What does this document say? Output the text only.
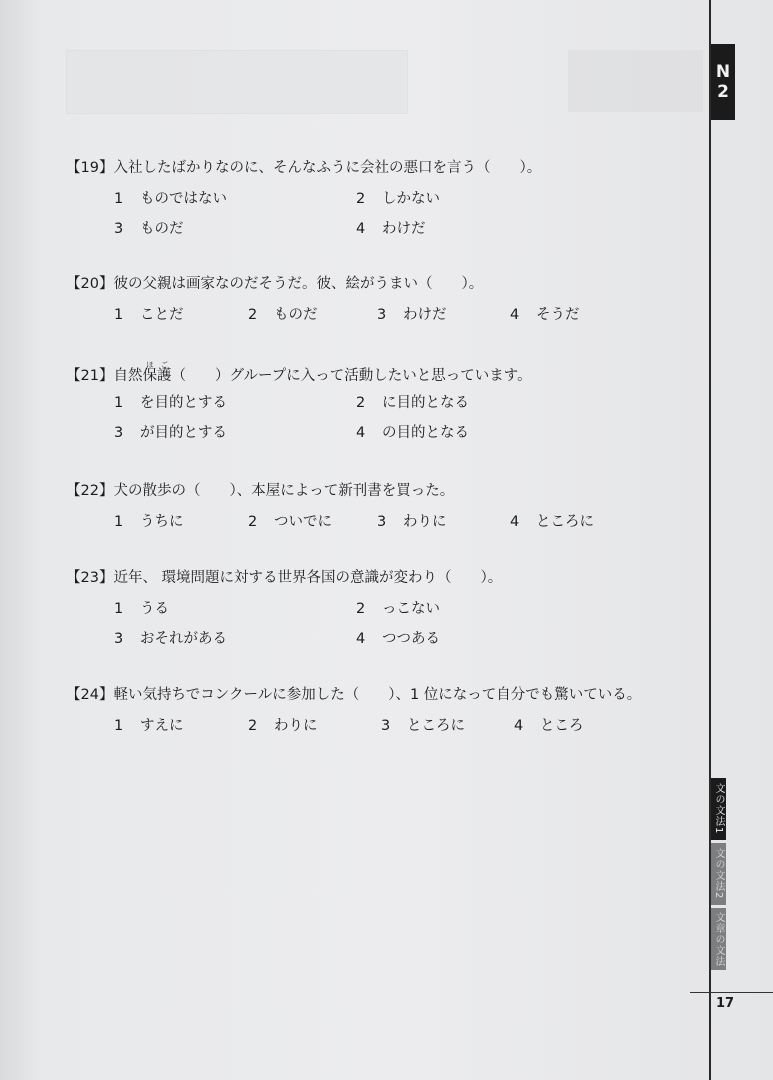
N
2
文の文法1
文の文法2
文章の文法
17
【19】入社したばかりなのに、そんなふうに会社の悪口を言う（　　）。
1 ものではない	2 しかない
3 ものだ	4 わけだ
【20】彼の父親は画家なのだそうだ。彼、絵がうまい（　　）。
1 ことだ	2 ものだ	3 わけだ	4 そうだ
【21】自然保護ほご（　　）グループに入って活動したいと思っています。
1 を目的とする	2 に目的となる
3 が目的とする	4 の目的となる
【22】犬の散歩の（　　）、本屋によって新刊書を買った。
1 うちに	2 ついでに	3 わりに	4 ところに
【23】近年、 環境問題に対する世界各国の意識が変わり（　　）。
1 うる	2 っこない
3 おそれがある	4 つつある
【24】軽い気持ちでコンクールに参加した（　　）、1 位になって自分でも驚いている。
1 すえに	2 わりに	3 ところに	4 ところ
